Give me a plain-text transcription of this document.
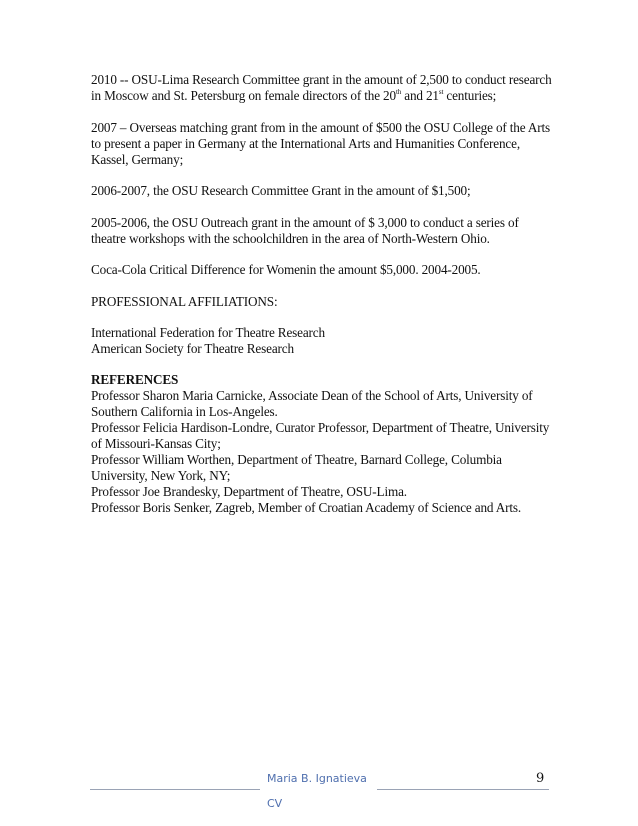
2010 -- OSU-Lima Research Committee grant in the amount of 2,500 to conduct research
in Moscow and St. Petersburg on female directors of the 20th and 21st centuries;
2007 – Overseas matching grant from in the amount of $500 the OSU College of the Arts
to present a paper in Germany at the International Arts and Humanities Conference,
Kassel, Germany;
2006-2007, the OSU Research Committee Grant in the amount of $1,500;
2005-2006, the OSU Outreach grant in the amount of $ 3,000 to conduct a series of
theatre workshops with the schoolchildren in the area of North-Western Ohio.
Coca-Cola Critical Difference for Womenin the amount $5,000. 2004-2005.
PROFESSIONAL AFFILIATIONS:
International Federation for Theatre Research
American Society for Theatre Research
REFERENCES
Professor Sharon Maria Carnicke, Associate Dean of the School of Arts, University of
Southern California in Los-Angeles.
Professor Felicia Hardison-Londre, Curator Professor, Department of Theatre, University
of Missouri-Kansas City;
Professor William Worthen, Department of Theatre, Barnard College, Columbia
University, New York, NY;
Professor Joe Brandesky, Department of Theatre, OSU-Lima.
Professor Boris Senker, Zagreb, Member of Croatian Academy of Science and Arts.
Maria B. Ignatieva
CV
9
